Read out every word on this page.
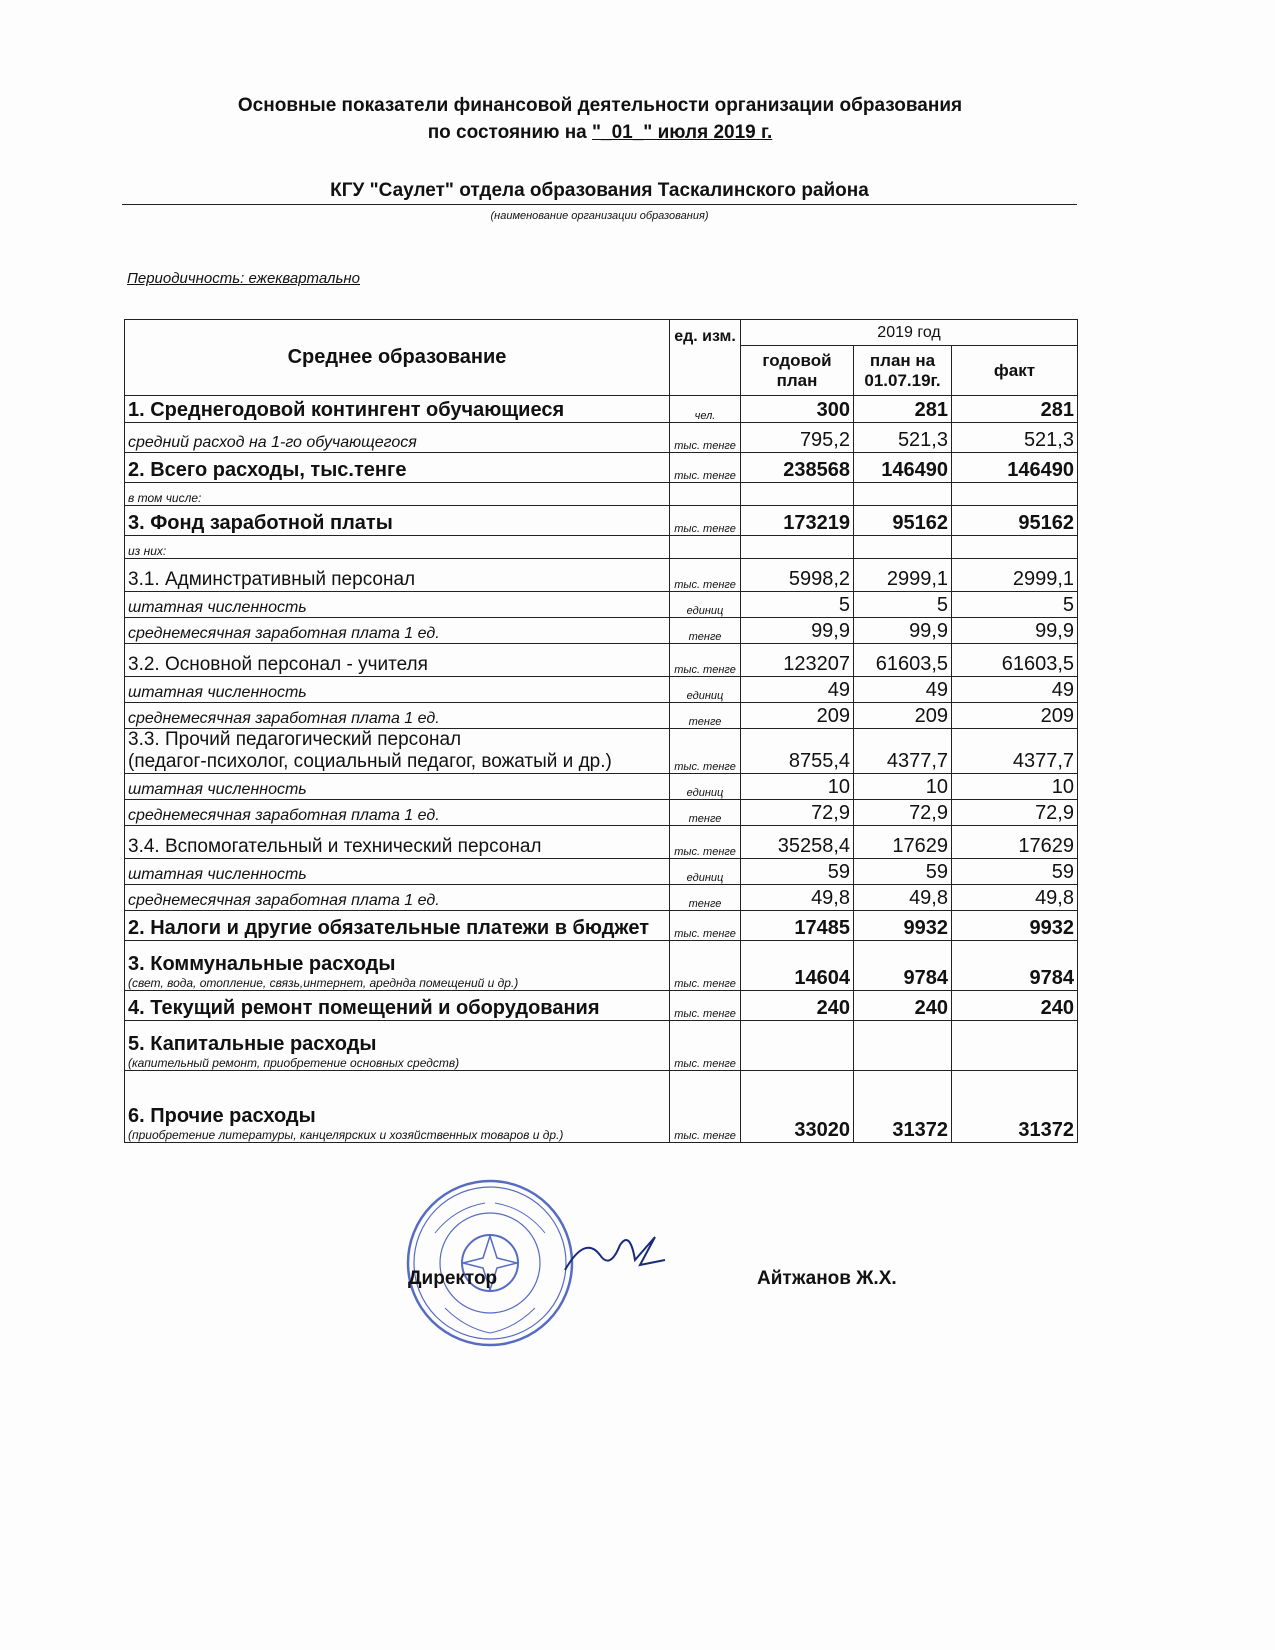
Основные показатели финансовой деятельности организации образования
по состоянию на "_01_" июля 2019 г.
КГУ "Саулет" отдела образования Таскалинского района
(наименование организации образования)
Периодичность: ежеквартально
Среднее образование	ед. изм.	2019 год		
		годовой план	план на 01.07.19г.	факт
1. Среднегодовой контингент обучающиеся	чел.	300	281	281
средний расход на 1-го обучающегося	тыс. тенге	795,2	521,3	521,3
2. Всего расходы, тыс.тенге	тыс. тенге	238568	146490	146490
в том числе:				
3. Фонд заработной платы	тыс. тенге	173219	95162	95162
из них:				
3.1. Админстративный персонал	тыс. тенге	5998,2	2999,1	2999,1
штатная численность	единиц	5	5	5
среднемесячная заработная плата 1 ед.	тенге	99,9	99,9	99,9
3.2. Основной персонал - учителя	тыс. тенге	123207	61603,5	61603,5
штатная численность	единиц	49	49	49
среднемесячная заработная плата 1 ед.	тенге	209	209	209
3.3. Прочий педагогический персонал
(педагог-психолог, социальный педагог, вожатый и др.)	тыс. тенге	8755,4	4377,7	4377,7
штатная численность	единиц	10	10	10
среднемесячная заработная плата 1 ед.	тенге	72,9	72,9	72,9
3.4. Вспомогательный и технический персонал	тыс. тенге	35258,4	17629	17629
штатная численность	единиц	59	59	59
среднемесячная заработная плата 1 ед.	тенге	49,8	49,8	49,8
2. Налоги и другие обязательные платежи в бюджет	тыс. тенге	17485	9932	9932

3. Коммунальные расходы
(свет, вода, отопление, связь,интернет, ареднда помещений и др.)	тыс. тенге	14604	9784	9784
4. Текущий ремонт помещений и оборудования	тыс. тенге	240	240	240

5. Капитальные расходы
(капительный ремонт, приобретение основных средств)	тыс. тенге			

6. Прочие расходы
(приобретение литературы, канцелярских и хозяйственных товаров и др.)	тыс. тенге	33020	31372	31372
Директор	Айтжанов Ж.Х.
